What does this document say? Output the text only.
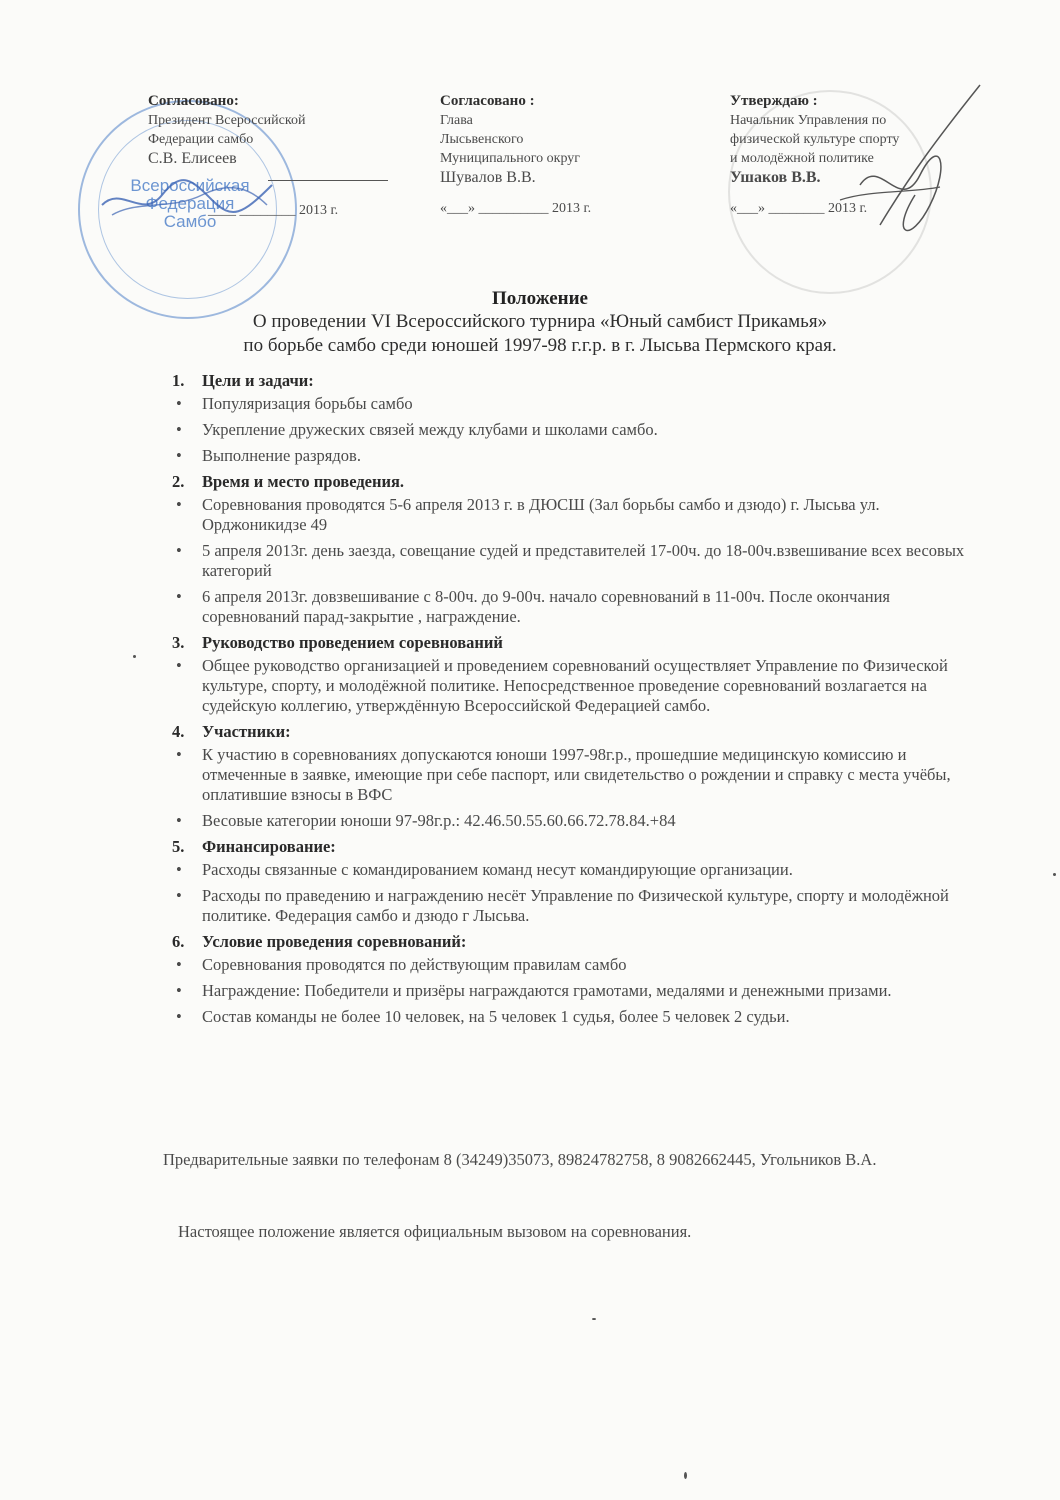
Всероссийская Федерация Самбо
Согласовано:
Президент Всероссийской
Федерации самбо
С.В. Елисеев
____ ________ 2013 г.
Согласовано :
Глава
Лысьвенского
Муниципального округ
Шувалов В.В.
«___» __________ 2013 г.
Утверждаю :
Начальник Управления по
физической культуре спорту
и молодёжной политике
Ушаков В.В.
«___» ________ 2013 г.
Положение
О проведении VI Всероссийского турнира «Юный самбист Прикамья»
по борьбе самбо среди юношей 1997-98 г.г.р. в г. Лысьва Пермского края.
1. Цели и задачи:
• Популяризация борьбы самбо
• Укрепление дружеских связей между клубами и школами самбо.
• Выполнение разрядов.
2. Время и место проведения.
• Соревнования проводятся 5-6 апреля 2013 г. в ДЮСШ (Зал борьбы самбо и дзюдо) г. Лысьва ул. Орджоникидзе 49
• 5 апреля 2013г. день заезда, совещание судей и представителей 17-00ч. до 18-00ч.взвешивание всех весовых категорий
• 6 апреля 2013г. довзвешивание с 8-00ч. до 9-00ч. начало соревнований в 11-00ч. После окончания соревнований парад-закрытие , награждение.
3. Руководство проведением соревнований
• Общее руководство организацией и проведением соревнований осуществляет Управление по Физической культуре, спорту, и молодёжной политике. Непосредственное проведение соревнований возлагается на судейскую коллегию, утверждённую Всероссийской Федерацией самбо.
4. Участники:
• К участию в соревнованиях допускаются юноши 1997-98г.р., прошедшие медицинскую комиссию и отмеченные в заявке, имеющие при себе паспорт, или свидетельство о рождении и справку с места учёбы, оплатившие взносы в ВФС
• Весовые категории юноши 97-98г.р.: 42.46.50.55.60.66.72.78.84.+84
5. Финансирование:
• Расходы связанные с командированием команд несут командирующие организации.
• Расходы по праведению и награждению несёт Управление по Физической культуре, спорту и молодёжной политике. Федерация самбо и дзюдо г Лысьва.
6. Условие проведения соревнований:
• Соревнования проводятся по действующим правилам самбо
• Награждение: Победители и призёры награждаются грамотами, медалями и денежными призами.
• Состав команды не более 10 человек, на 5 человек 1 судья, более 5 человек 2 судьи.
Предварительные заявки по телефонам 8 (34249)35073, 89824782758, 8 9082662445, Угольников В.А.
Настоящее положение является официальным вызовом на соревнования.
